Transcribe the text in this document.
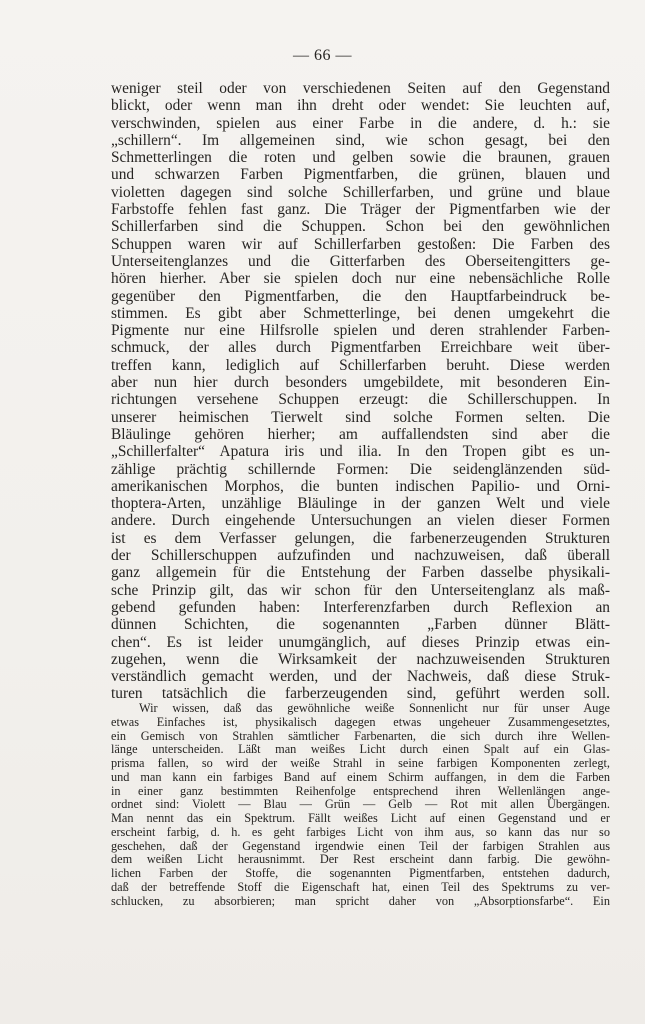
— 66 —
weniger steil oder von verschiedenen Seiten auf den Gegenstand
blickt, oder wenn man ihn dreht oder wendet: Sie leuchten auf,
verschwinden, spielen aus einer Farbe in die andere, d. h.: sie
„schillern“. Im allgemeinen sind, wie schon gesagt, bei den
Schmetterlingen die roten und gelben sowie die braunen, grauen
und schwarzen Farben Pigmentfarben, die grünen, blauen und
violetten dagegen sind solche Schillerfarben, und grüne und blaue
Farbstoffe fehlen fast ganz. Die Träger der Pigmentfarben wie der
Schillerfarben sind die Schuppen. Schon bei den gewöhnlichen
Schuppen waren wir auf Schillerfarben gestoßen: Die Farben des
Unterseitenglanzes und die Gitterfarben des Oberseitengitters ge-
hören hierher. Aber sie spielen doch nur eine nebensächliche Rolle
gegenüber den Pigmentfarben, die den Hauptfarbeindruck be-
stimmen. Es gibt aber Schmetterlinge, bei denen umgekehrt die
Pigmente nur eine Hilfsrolle spielen und deren strahlender Farben-
schmuck, der alles durch Pigmentfarben Erreichbare weit über-
treffen kann, lediglich auf Schillerfarben beruht. Diese werden
aber nun hier durch besonders umgebildete, mit besonderen Ein-
richtungen versehene Schuppen erzeugt: die Schillerschuppen. In
unserer heimischen Tierwelt sind solche Formen selten. Die
Bläulinge gehören hierher; am auffallendsten sind aber die
„Schillerfalter“ Apatura iris und ilia. In den Tropen gibt es un-
zählige prächtig schillernde Formen: Die seidenglänzenden süd-
amerikanischen Morphos, die bunten indischen Papilio- und Orni-
thoptera-Arten, unzählige Bläulinge in der ganzen Welt und viele
andere. Durch eingehende Untersuchungen an vielen dieser Formen
ist es dem Verfasser gelungen, die farbenerzeugenden Strukturen
der Schillerschuppen aufzufinden und nachzuweisen, daß überall
ganz allgemein für die Entstehung der Farben dasselbe physikali-
sche Prinzip gilt, das wir schon für den Unterseitenglanz als maß-
gebend gefunden haben: Interferenzfarben durch Reflexion an
dünnen Schichten, die sogenannten „Farben dünner Blätt-
chen“. Es ist leider unumgänglich, auf dieses Prinzip etwas ein-
zugehen, wenn die Wirksamkeit der nachzuweisenden Strukturen
verständlich gemacht werden, und der Nachweis, daß diese Struk-
turen tatsächlich die farberzeugenden sind, geführt werden soll.
Wir wissen, daß das gewöhnliche weiße Sonnenlicht nur für unser Auge
etwas Einfaches ist, physikalisch dagegen etwas ungeheuer Zusammengesetztes,
ein Gemisch von Strahlen sämtlicher Farbenarten, die sich durch ihre Wellen-
länge unterscheiden. Läßt man weißes Licht durch einen Spalt auf ein Glas-
prisma fallen, so wird der weiße Strahl in seine farbigen Komponenten zerlegt,
und man kann ein farbiges Band auf einem Schirm auffangen, in dem die Farben
in einer ganz bestimmten Reihenfolge entsprechend ihren Wellenlängen ange-
ordnet sind: Violett — Blau — Grün — Gelb — Rot mit allen Übergängen.
Man nennt das ein Spektrum. Fällt weißes Licht auf einen Gegenstand und er
erscheint farbig, d. h. es geht farbiges Licht von ihm aus, so kann das nur so
geschehen, daß der Gegenstand irgendwie einen Teil der farbigen Strahlen aus
dem weißen Licht herausnimmt. Der Rest erscheint dann farbig. Die gewöhn-
lichen Farben der Stoffe, die sogenannten Pigmentfarben, entstehen dadurch,
daß der betreffende Stoff die Eigenschaft hat, einen Teil des Spektrums zu ver-
schlucken, zu absorbieren; man spricht daher von „Absorptionsfarbe“. Ein
